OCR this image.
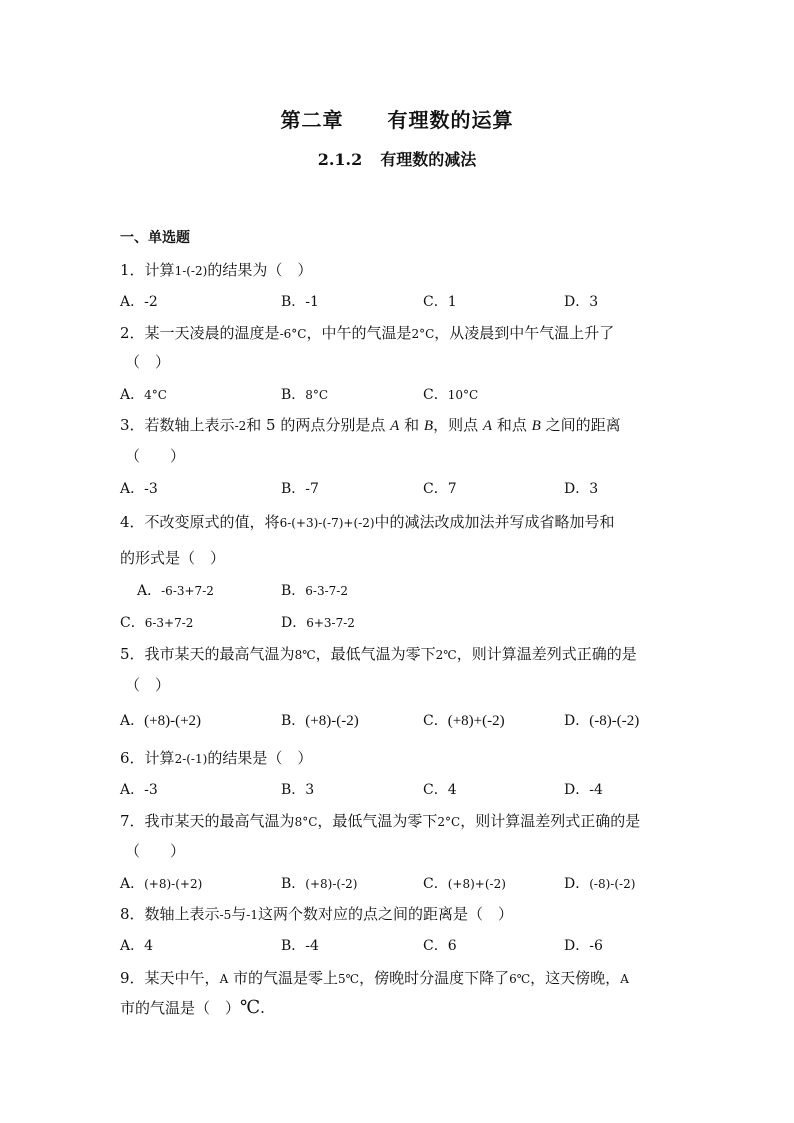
第二章 有理数的运算
2.1.2 有理数的减法
一、单选题
1．计算1-(-2)的结果为（　）
A．-2	B．-1	C．1	D．3
2．某一天凌晨的温度是-6°C，中午的气温是2°C，从凌晨到中午气温上升了
（　）
A．4°C	B．8°C	C．10°C
3．若数轴上表示-2和 5 的两点分别是点 A 和 B，则点 A 和点 B 之间的距离
（　　）
A．-3	B．-7	C．7	D．3
4．不改变原式的值，将6-(+3)-(-7)+(-2)中的减法改成加法并写成省略加号和
的形式是（　）
A．-6-3+7-2	B．6-3-7-2
C．6-3+7-2	D．6+3-7-2
5．我市某天的最高气温为8℃，最低气温为零下2℃，则计算温差列式正确的是
（　）
A．(+8)-(+2)	B．(+8)-(-2)	C．(+8)+(-2)	D．(-8)-(-2)
6．计算2-(-1)的结果是（　）
A．-3	B．3	C．4	D．-4
7．我市某天的最高气温为8°C，最低气温为零下2°C，则计算温差列式正确的是
（　　）
A．(+8)-(+2)	B．(+8)-(-2)	C．(+8)+(-2)	D．(-8)-(-2)
8．数轴上表示-5与-1这两个数对应的点之间的距离是（　）
A．4	B．-4	C．6	D．-6
9．某天中午，A 市的气温是零上5℃，傍晚时分温度下降了6℃，这天傍晚，A
市的气温是（　）℃.
